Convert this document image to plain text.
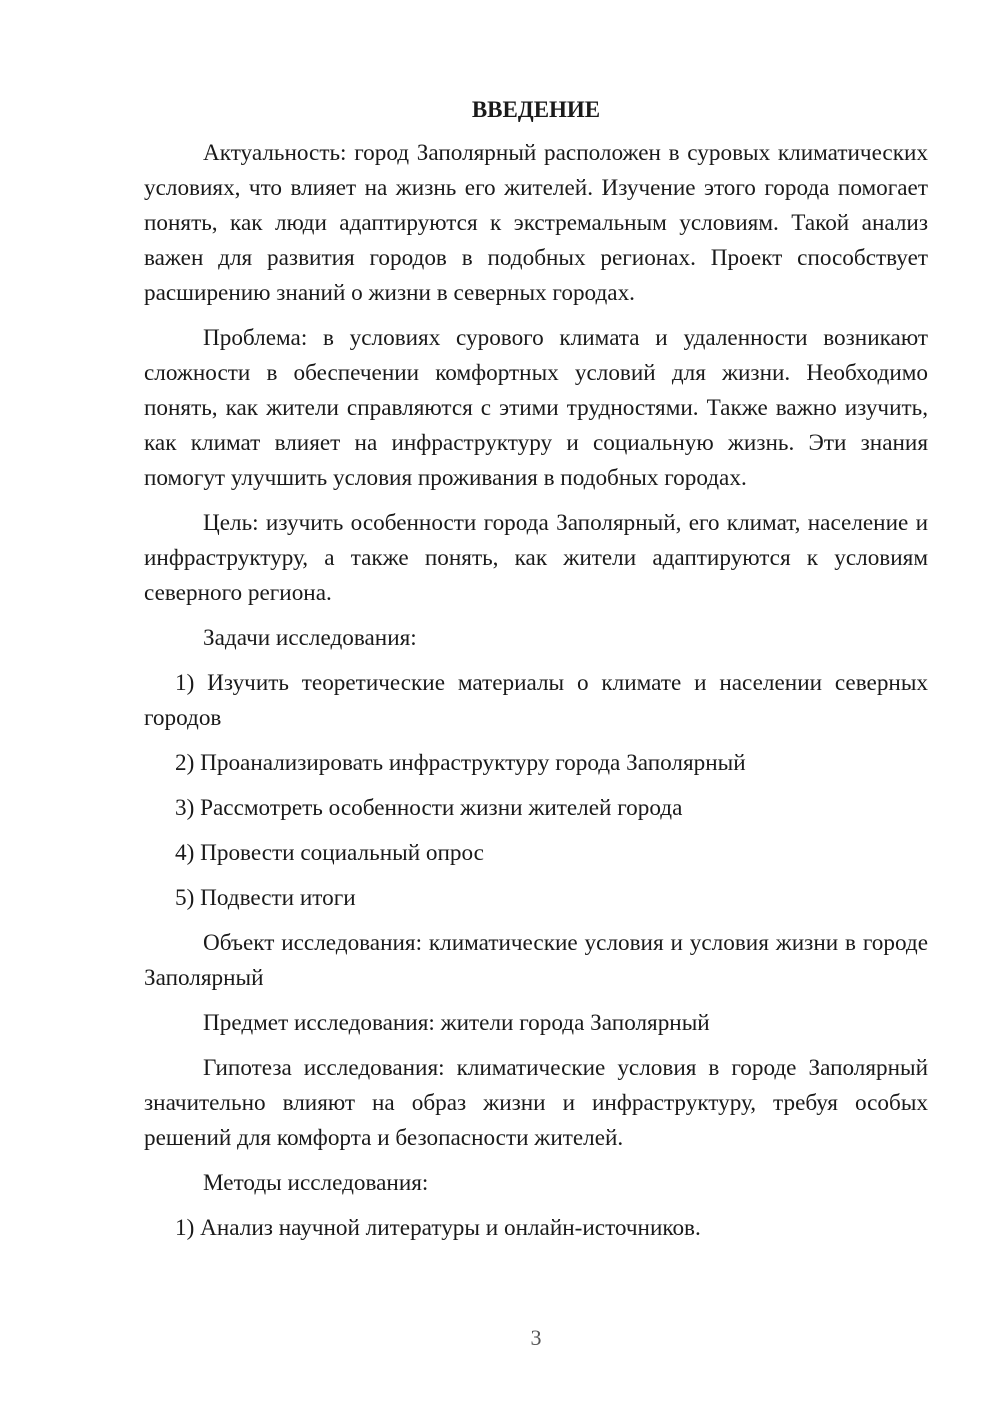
ВВЕДЕНИЕ

Актуальность: город Заполярный расположен в суровых климатических условиях, что влияет на жизнь его жителей. Изучение этого города помогает понять, как люди адаптируются к экстремальным условиям. Такой анализ важен для развития городов в подобных регионах. Проект способствует расширению знаний о жизни в северных городах.

Проблема: в условиях сурового климата и удаленности возникают сложности в обеспечении комфортных условий для жизни. Необходимо понять, как жители справляются с этими трудностями. Также важно изучить, как климат влияет на инфраструктуру и социальную жизнь. Эти знания помогут улучшить условия проживания в подобных городах.

Цель: изучить особенности города Заполярный, его климат, население и инфраструктуру, а также понять, как жители адаптируются к условиям северного региона.

Задачи исследования:

1) Изучить теоретические материалы о климате и населении северных городов

2) Проанализировать инфраструктуру города Заполярный

3) Рассмотреть особенности жизни жителей города

4) Провести социальный опрос

5) Подвести итоги

Объект исследования: климатические условия и условия жизни в городе Заполярный

Предмет исследования: жители города Заполярный

Гипотеза исследования: климатические условия в городе Заполярный значительно влияют на образ жизни и инфраструктуру, требуя особых решений для комфорта и безопасности жителей.

Методы исследования:

1) Анализ научной литературы и онлайн-источников.

3
